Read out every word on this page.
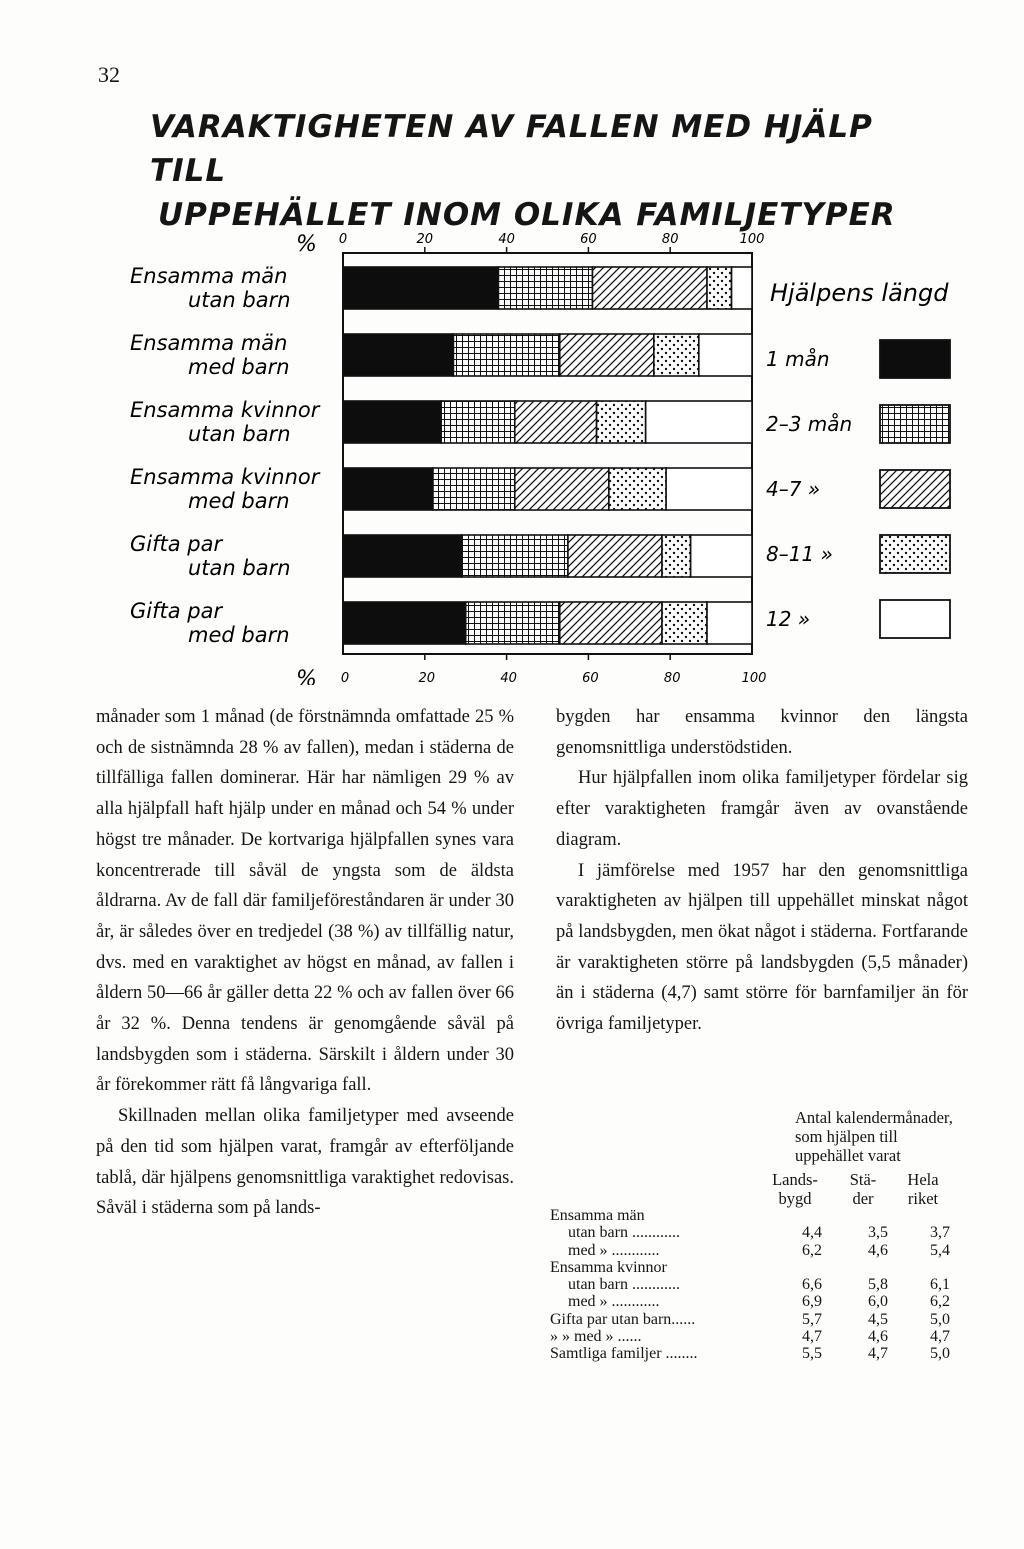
32
VARAKTIGHETEN AV FALLEN MED HJÄLP TILL
UPPEHÄLLET INOM OLIKA FAMILJETYPER
0
0
20
20
40
40
60
60
80
80
100
100
%
%
Ensamma män
utan barn
Ensamma män
med barn
Ensamma kvinnor
utan barn
Ensamma kvinnor
med barn
Gifta par
utan barn
Gifta par
med barn
Hjälpens längd
1 mån
2–3 mån
4–7 »
8–11 »
12 »

månader som 1 månad (de förstnämnda omfattade 25 % och de sistnämnda 28 % av fallen), medan i städerna de tillfälliga fallen dominerar. Här har nämligen 29 % av alla hjälpfall haft hjälp under en månad och 54 % under högst tre månader. De kortvariga hjälpfallen synes vara koncentrerade till såväl de yngsta som de äldsta åldrarna. Av de fall där familjeföreståndaren är under 30 år, är således över en tredjedel (38 %) av tillfällig natur, dvs. med en varaktighet av högst en månad, av fallen i åldern 50—66 år gäller detta 22 % och av fallen över 66 år 32 %. Denna tendens är genomgående såväl på landsbygden som i städerna. Särskilt i åldern under 30 år förekommer rätt få långvariga fall.

Skillnaden mellan olika familjetyper med avseende på den tid som hjälpen varat, framgår av efterföljande tablå, där hjälpens genomsnittliga varaktighet redovisas. Såväl i städerna som på lands-

bygden har ensamma kvinnor den längsta genomsnittliga understödstiden.

Hur hjälpfallen inom olika familjetyper fördelar sig efter varaktigheten framgår även av ovanstående diagram.

I jämförelse med 1957 har den genomsnittliga varaktigheten av hjälpen till uppehället minskat något på landsbygden, men ökat något i städerna. Fortfarande är varaktigheten större på landsbygden (5,5 månader) än i städerna (4,7) samt större för barnfamiljer än för övriga familjetyper.

Antal kalendermånader, som hjälpen till uppehället varat
Lands-
bygd
Stä-
der
Hela
riket
Ensamma män
utan barn ............	4,4	3,5	3,7
med » ............	6,2	4,6	5,4
Ensamma kvinnor
utan barn ............	6,6	5,8	6,1
med » ............	6,9	6,0	6,2
Gifta par utan barn......	5,7	4,5	5,0
» » med » ......	4,7	4,6	4,7
Samtliga familjer ........	5,5	4,7	5,0
